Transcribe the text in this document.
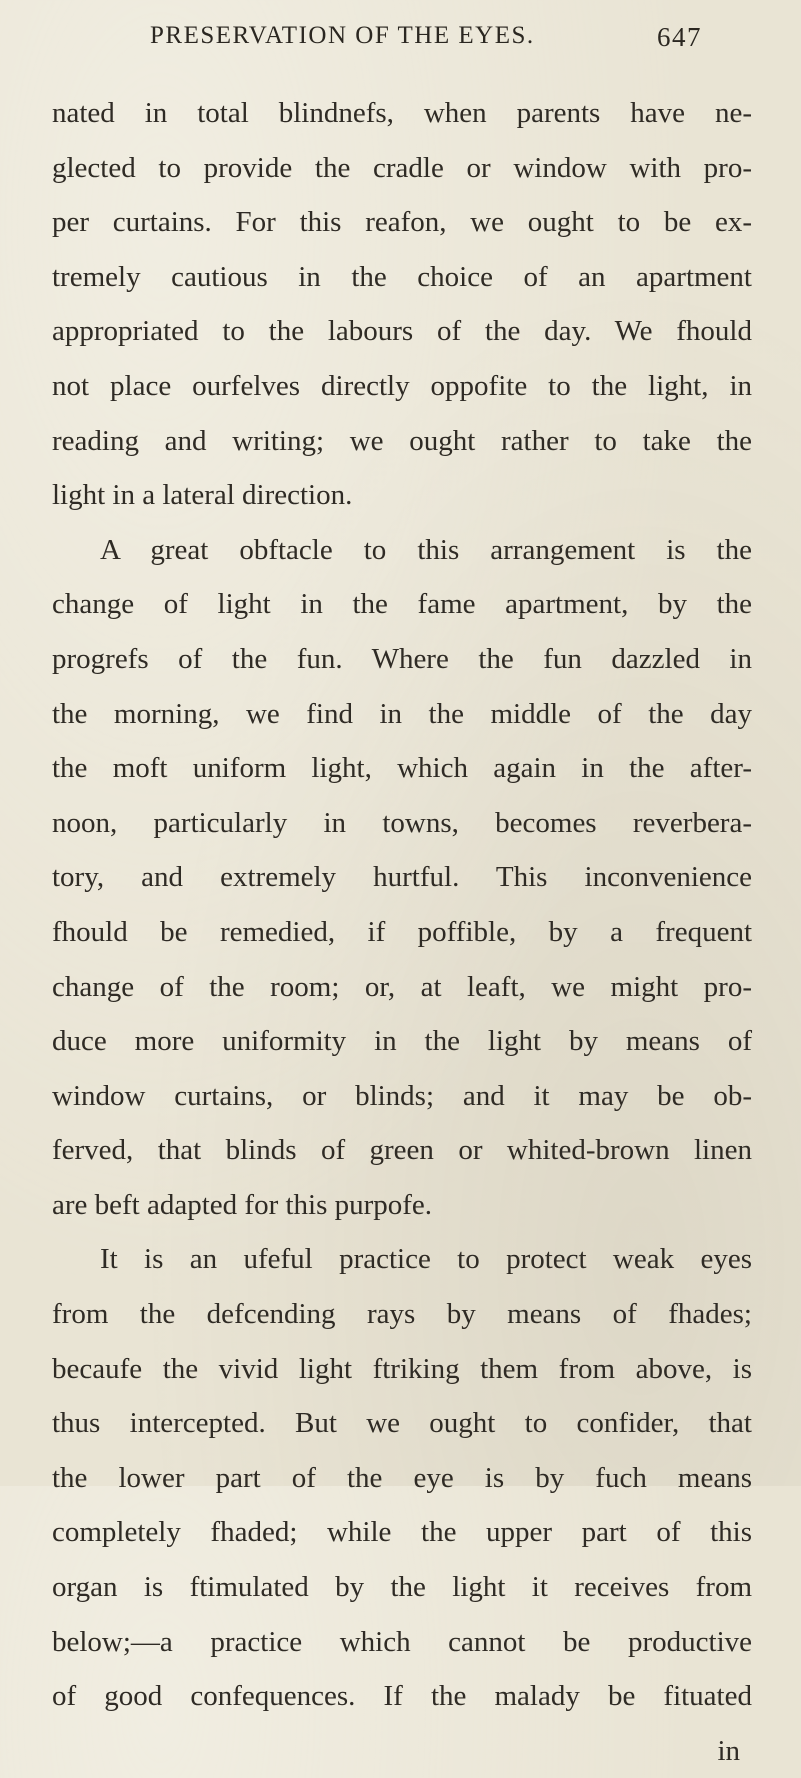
PRESERVATION OF THE EYES.	647
nated in total blindnefs, when parents have ne-
glected to provide the cradle or window with pro-
per curtains. For this reafon, we ought to be ex-
tremely cautious in the choice of an apartment
appropriated to the labours of the day. We fhould
not place ourfelves directly oppofite to the light, in
reading and writing; we ought rather to take the
light in a lateral direction.
A great obftacle to this arrangement is the
change of light in the fame apartment, by the
progrefs of the fun. Where the fun dazzled in
the morning, we find in the middle of the day
the moft uniform light, which again in the after-
noon, particularly in towns, becomes reverbera-
tory, and extremely hurtful. This inconvenience
fhould be remedied, if poffible, by a frequent
change of the room; or, at leaft, we might pro-
duce more uniformity in the light by means of
window curtains, or blinds; and it may be ob-
ferved, that blinds of green or whited-brown linen
are beft adapted for this purpofe.
It is an ufeful practice to protect weak eyes
from the defcending rays by means of fhades;
becaufe the vivid light ftriking them from above, is
thus intercepted. But we ought to confider, that
the lower part of the eye is by fuch means
completely fhaded; while the upper part of this
organ is ftimulated by the light it receives from
below;—a practice which cannot be productive
of good confequences. If the malady be fituated
in
